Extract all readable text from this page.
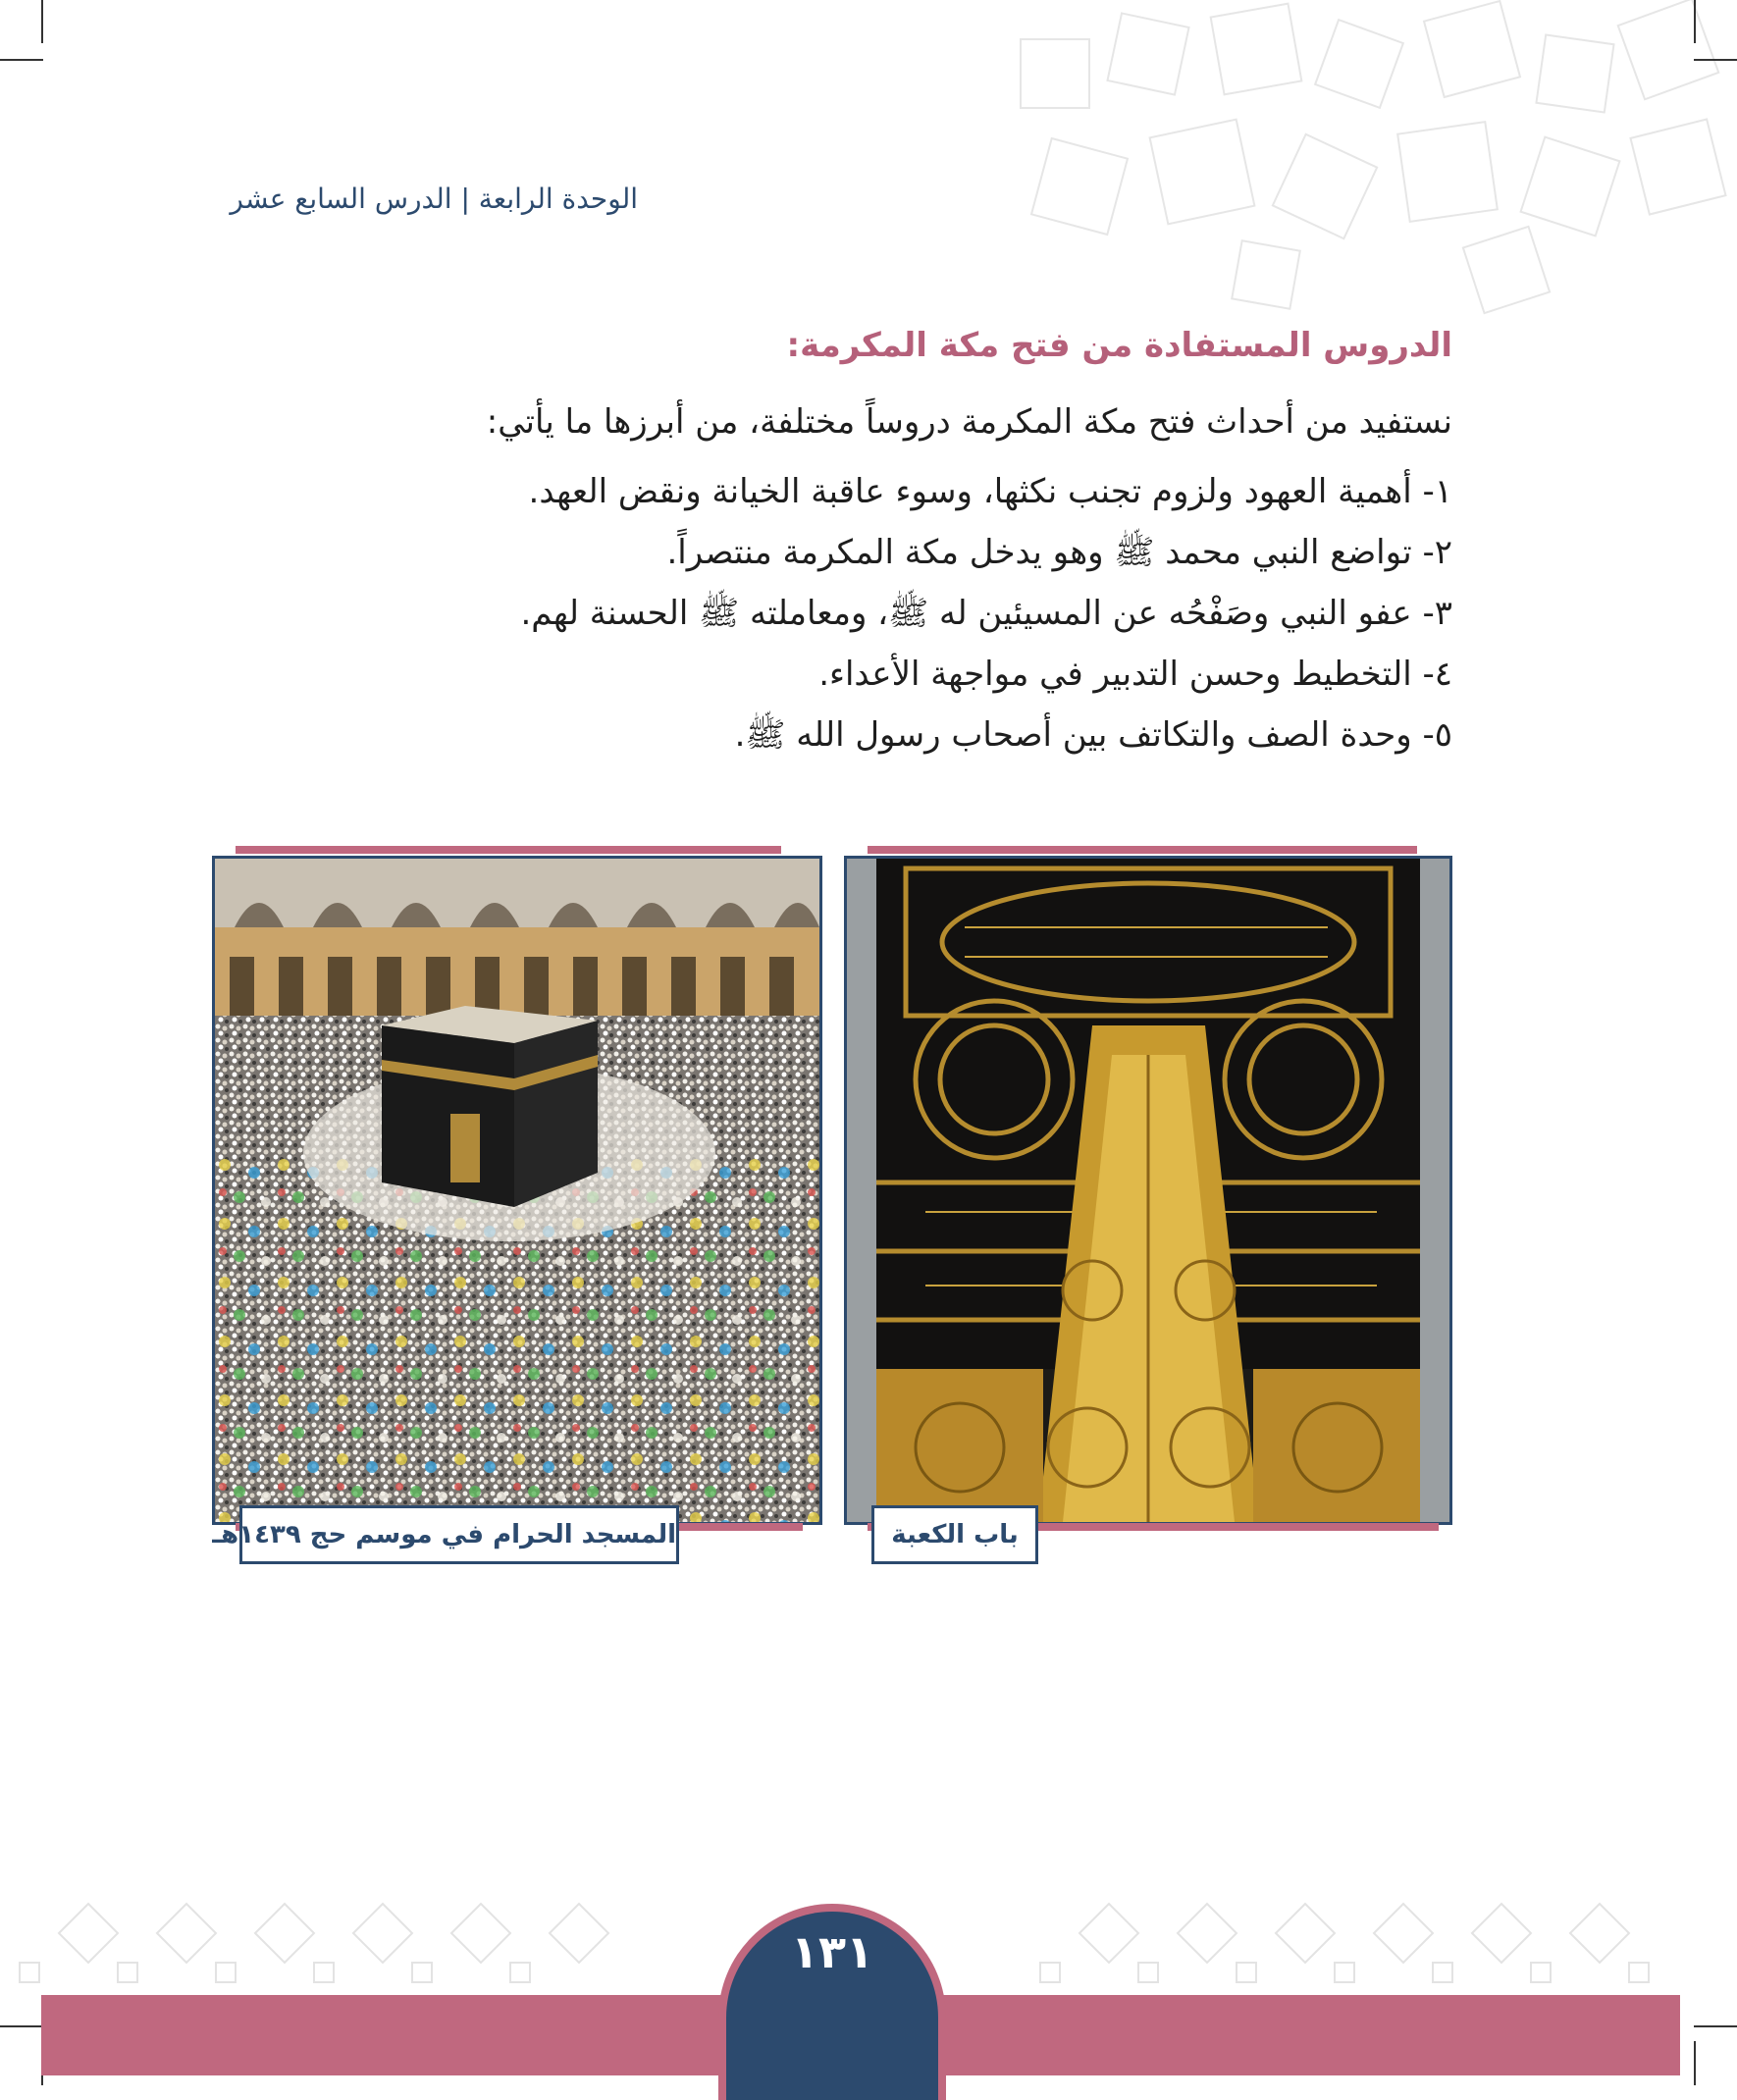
الوحدة الرابعة | الدرس السابع عشر
الدروس المستفادة من فتح مكة المكرمة:
نستفيد من أحداث فتح مكة المكرمة دروساً مختلفة، من أبرزها ما يأتي:
١- أهمية العهود ولزوم تجنب نكثها، وسوء عاقبة الخيانة ونقض العهد.
٢- تواضع النبي محمد ﷺ وهو يدخل مكة المكرمة منتصراً.
٣- عفو النبي وصَفْحُه عن المسيئين له ﷺ، ومعاملته ﷺ الحسنة لهم.
٤- التخطيط وحسن التدبير في مواجهة الأعداء.
٥- وحدة الصف والتكاتف بين أصحاب رسول الله ﷺ.
المسجد الحرام في موسم حج ١٤٣٩هـ	باب الكعبة
١٣١
